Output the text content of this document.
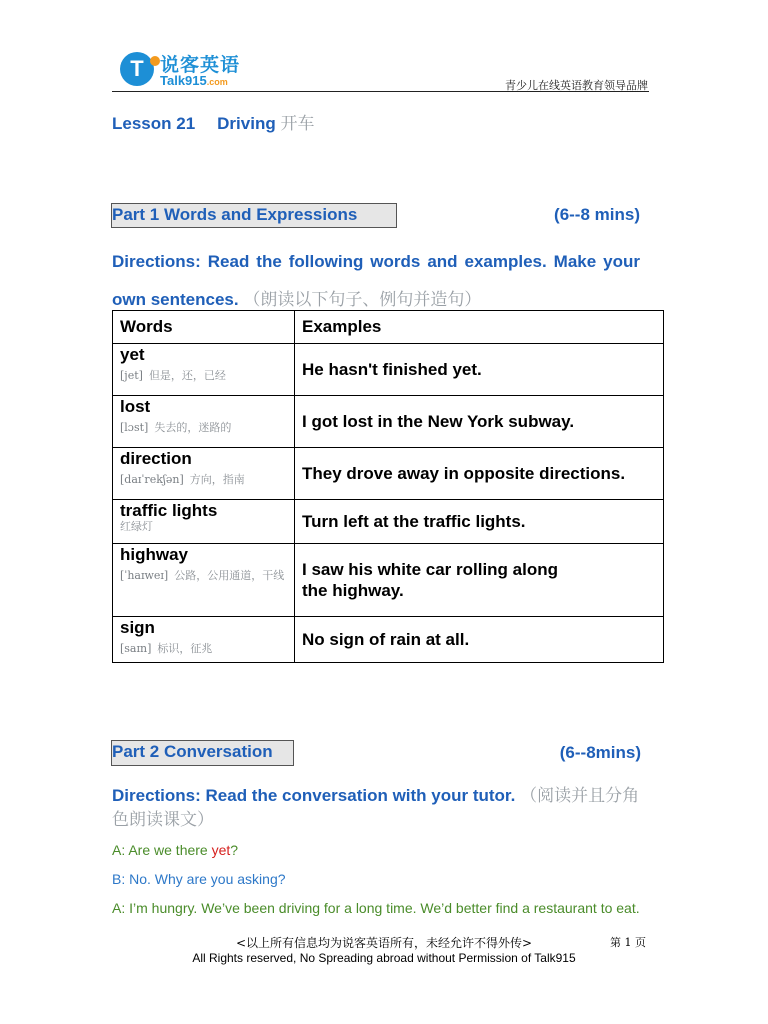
T 说客英语
Talk915.com	青少儿在线英语教育领导品牌
Lesson 21 Driving 开车
Part 1 Words and Expressions	(6--8 mins)
Directions: Read the following words and examples. Make your own sentences. （朗读以下句子、例句并造句）
Words	Examples

yet
[jet] 但是，还，已经	He hasn't finished yet.

lost
[lɔst] 失去的，迷路的	I got lost in the New York subway.

direction
[daɪˈrekʃən] 方向，指南	They drove away in opposite directions.

traffic lights
红绿灯	Turn left at the traffic lights.

highway
[ˈhaɪweɪ] 公路，公用通道，干线	I saw his white car rolling along the highway.

sign
[saɪn] 标识，征兆	No sign of rain at all.
Part 2 Conversation	(6--8mins)
Directions: Read the conversation with your tutor. （阅读并且分角色朗读课文）
A: Are we there yet?
B: No. Why are you asking?
A: I’m hungry. We’ve been driving for a long time. We’d better find a restaurant to eat.
<以上所有信息均为说客英语所有，未经允许不得外传>	第 1 页
All Rights reserved, No Spreading abroad without Permission of Talk915
